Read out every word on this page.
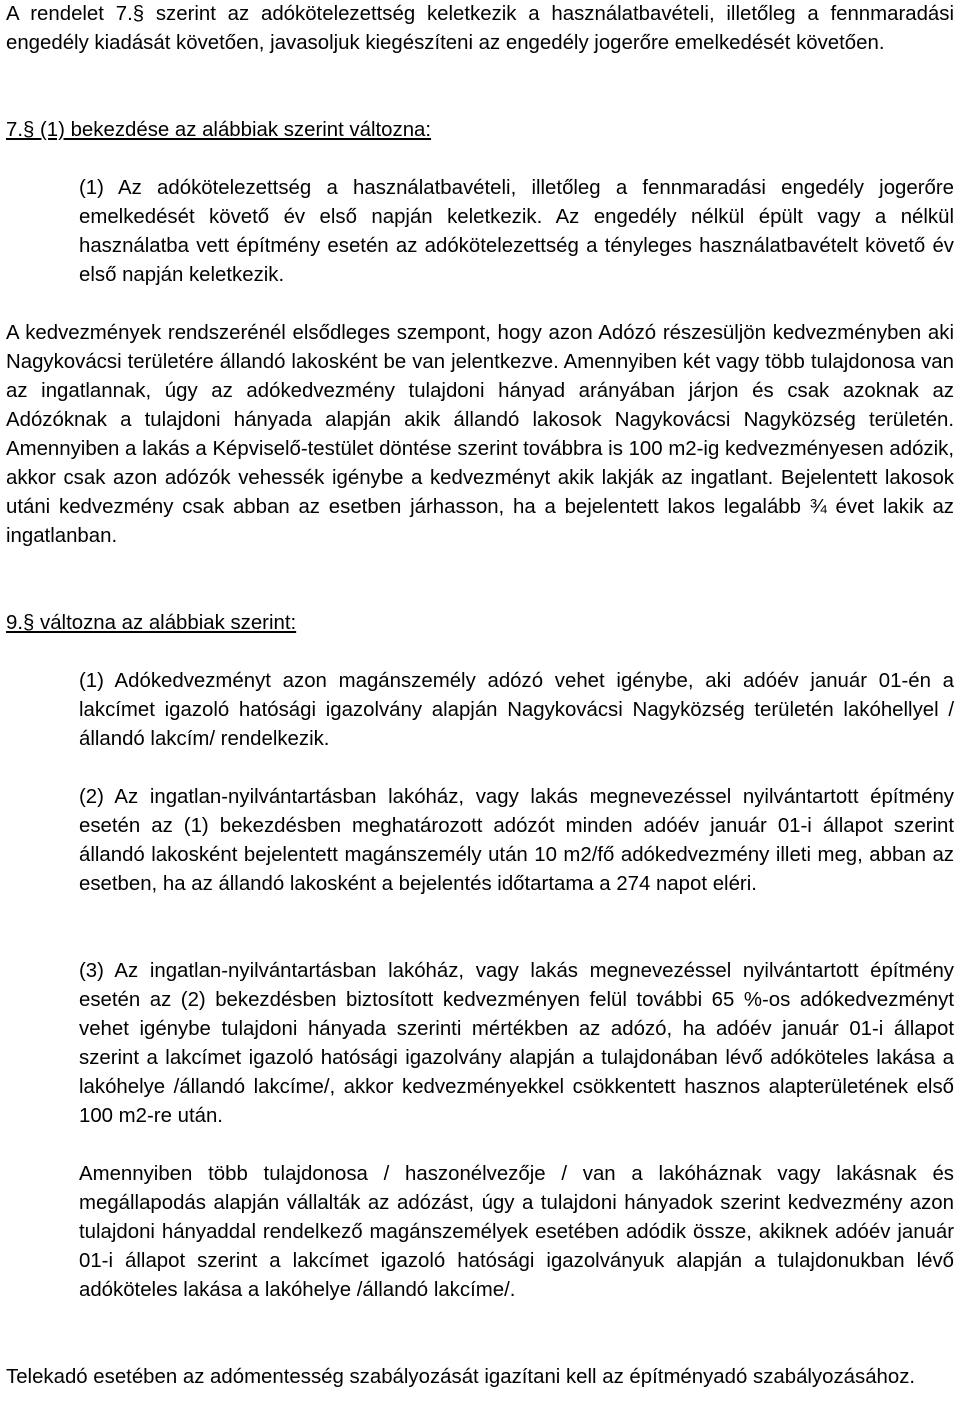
A rendelet 7.§ szerint az adókötelezettség keletkezik a használatbavételi, illetőleg a fennmaradási engedély kiadását követően, javasoljuk kiegészíteni az engedély jogerőre emelkedését követően.

7.§ (1) bekezdése az alábbiak szerint változna:

(1) Az adókötelezettség a használatbavételi, illetőleg a fennmaradási engedély jogerőre emelkedését követő év első napján keletkezik. Az engedély nélkül épült vagy a nélkül használatba vett építmény esetén az adókötelezettség a tényleges használatbavételt követő év első napján keletkezik.

A kedvezmények rendszerénél elsődleges szempont, hogy azon Adózó részesüljön kedvezményben aki Nagykovácsi területére állandó lakosként be van jelentkezve. Amennyiben két vagy több tulajdonosa van az ingatlannak, úgy az adókedvezmény tulajdoni hányad arányában járjon és csak azoknak az Adózóknak a tulajdoni hányada alapján akik állandó lakosok Nagykovácsi Nagyközség területén. Amennyiben a lakás a Képviselő-testület döntése szerint továbbra is 100 m2-ig kedvezményesen adózik, akkor csak azon adózók vehessék igénybe a kedvezményt akik lakják az ingatlant. Bejelentett lakosok utáni kedvezmény csak abban az esetben járhasson, ha a bejelentett lakos legalább ¾ évet lakik az ingatlanban.

9.§ változna az alábbiak szerint:

(1) Adókedvezményt azon magánszemély adózó vehet igénybe, aki adóév január 01-én a lakcímet igazoló hatósági igazolvány alapján Nagykovácsi Nagyközség területén lakóhellyel /állandó lakcím/ rendelkezik.

(2) Az ingatlan-nyilvántartásban lakóház, vagy lakás megnevezéssel nyilvántartott építmény esetén az (1) bekezdésben meghatározott adózót minden adóév január 01-i állapot szerint állandó lakosként bejelentett magánszemély után 10 m2/fő adókedvezmény illeti meg, abban az esetben, ha az állandó lakosként a bejelentés időtartama a 274 napot eléri.

(3) Az ingatlan-nyilvántartásban lakóház, vagy lakás megnevezéssel nyilvántartott építmény esetén az (2) bekezdésben biztosított kedvezményen felül további 65 %-os adókedvezményt vehet igénybe tulajdoni hányada szerinti mértékben az adózó, ha adóév január 01-i állapot szerint a lakcímet igazoló hatósági igazolvány alapján a tulajdonában lévő adóköteles lakása a lakóhelye /állandó lakcíme/, akkor kedvezményekkel csökkentett hasznos alapterületének első 100 m2-re után.

Amennyiben több tulajdonosa / haszonélvezője / van a lakóháznak vagy lakásnak és megállapodás alapján vállalták az adózást, úgy a tulajdoni hányadok szerint kedvezmény azon tulajdoni hányaddal rendelkező magánszemélyek esetében adódik össze, akiknek adóév január 01-i állapot szerint a lakcímet igazoló hatósági igazolványuk alapján a tulajdonukban lévő adóköteles lakása a lakóhelye /állandó lakcíme/.

Telekadó esetében az adómentesség szabályozását igazítani kell az építményadó szabályozásához.
